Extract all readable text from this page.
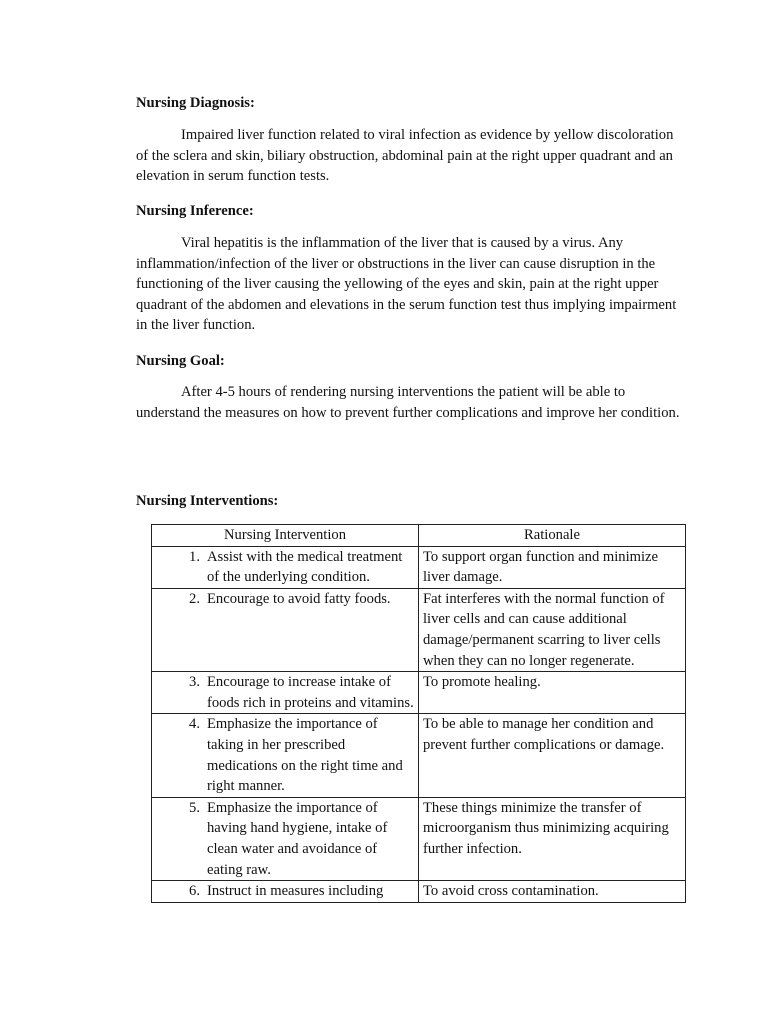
Nursing Diagnosis:
Impaired liver function related to viral infection as evidence by yellow discoloration of the sclera and skin, biliary obstruction, abdominal pain at the right upper quadrant and an elevation in serum function tests.
Nursing Inference:
Viral hepatitis is the inflammation of the liver that is caused by a virus. Any inflammation/infection of the liver or obstructions in the liver can cause disruption in the functioning of the liver causing the yellowing of the eyes and skin, pain at the right upper quadrant of the abdomen and elevations in the serum function test thus implying impairment in the liver function.
Nursing Goal:
After 4-5 hours of rendering nursing interventions the patient will be able to understand the measures on how to prevent further complications and improve her condition.
Nursing Interventions:
Nursing Intervention	Rationale

1. Assist with the medical treatment of the underlying condition.	To support organ function and minimize liver damage.

2. Encourage to avoid fatty foods.	Fat interferes with the normal function of liver cells and can cause additional damage/permanent scarring to liver cells when they can no longer regenerate.

3. Encourage to increase intake of foods rich in proteins and vitamins.	To promote healing.

4. Emphasize the importance of taking in her prescribed medications on the right time and right manner.	To be able to manage her condition and prevent further complications or damage.

5. Emphasize the importance of having hand hygiene, intake of clean water and avoidance of eating raw.	These things minimize the transfer of microorganism thus minimizing acquiring further infection.

6. Instruct in measures including	To avoid cross contamination.
